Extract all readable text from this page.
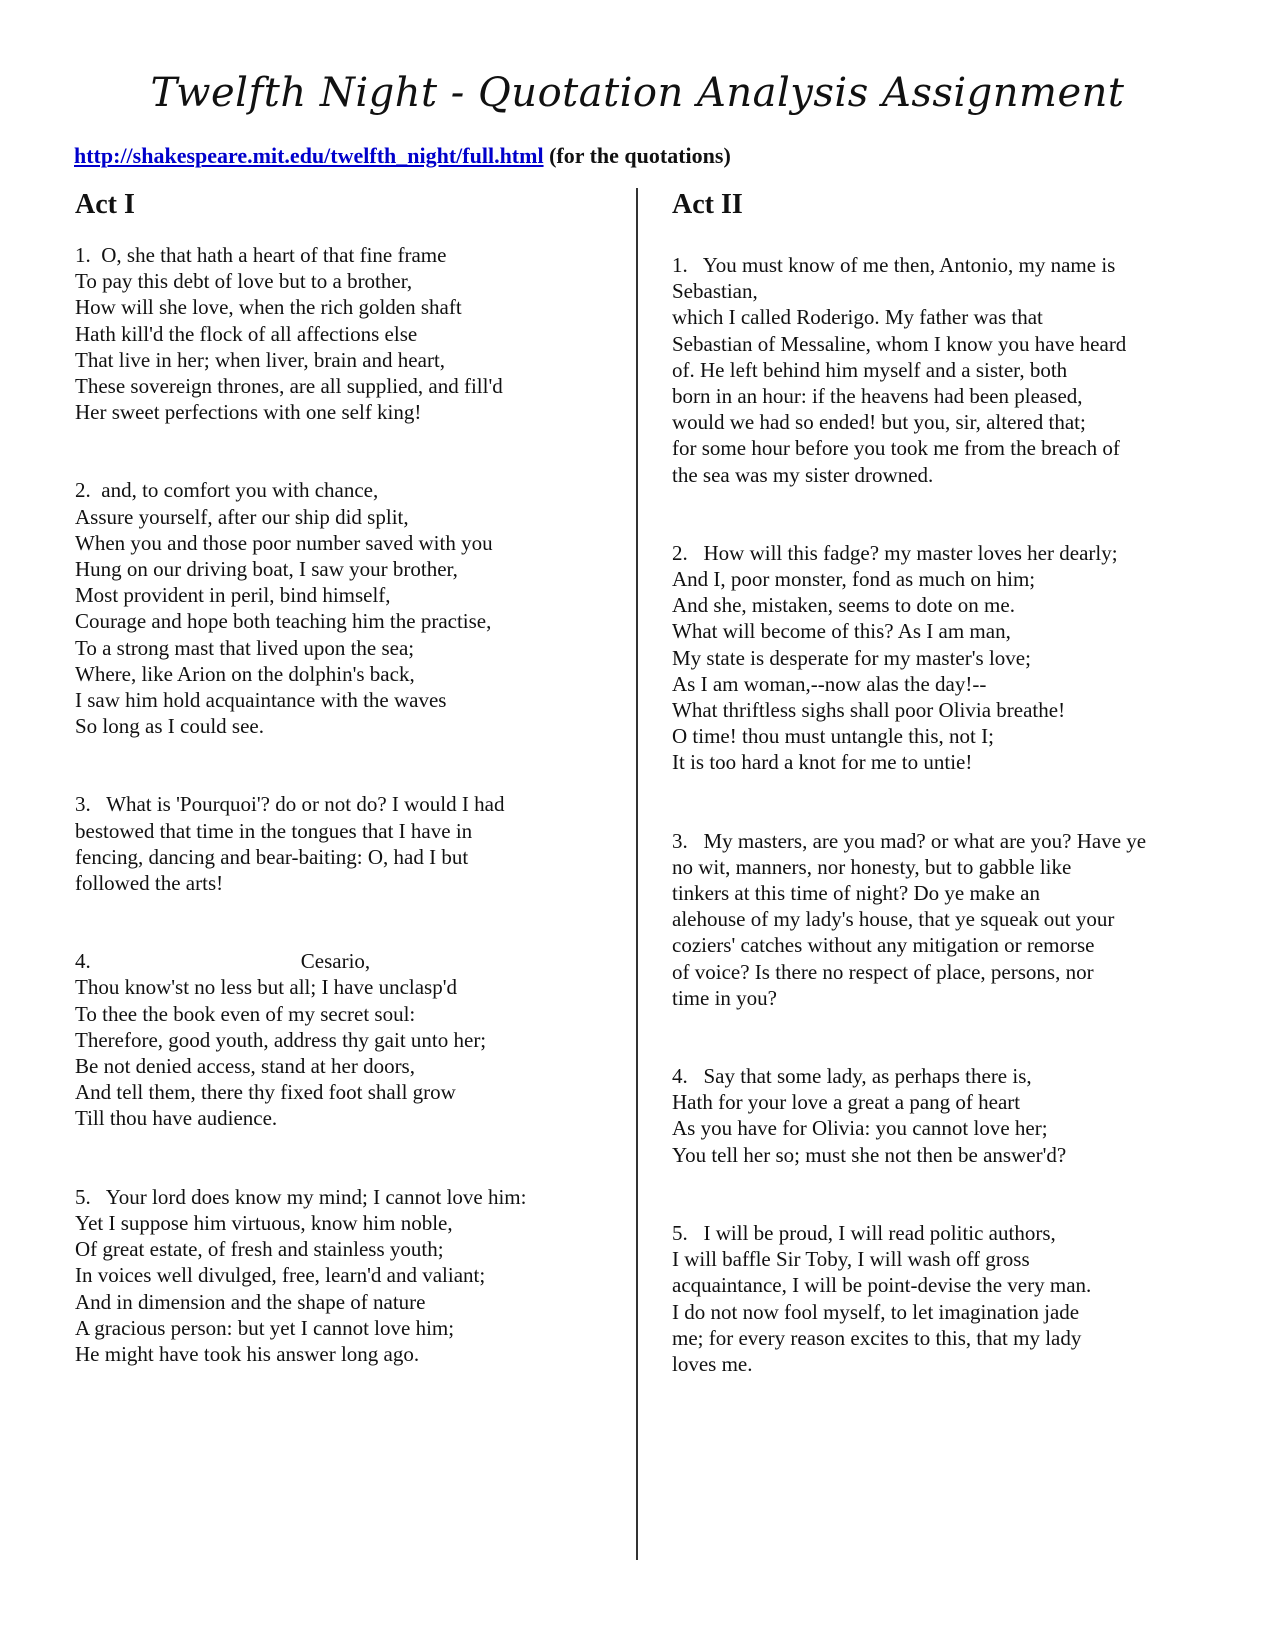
Twelfth Night - Quotation Analysis Assignment
http://shakespeare.mit.edu/twelfth_night/full.html (for the quotations)
Act I

1.  O, she that hath a heart of that fine frame
To pay this debt of love but to a brother,
How will she love, when the rich golden shaft
Hath kill'd the flock of all affections else
That live in her; when liver, brain and heart,
These sovereign thrones, are all supplied, and fill'd
Her sweet perfections with one self king!

2.  and, to comfort you with chance,
Assure yourself, after our ship did split,
When you and those poor number saved with you
Hung on our driving boat, I saw your brother,
Most provident in peril, bind himself,
Courage and hope both teaching him the practise,
To a strong mast that lived upon the sea;
Where, like Arion on the dolphin's back,
I saw him hold acquaintance with the waves
So long as I could see.

3.   What is 'Pourquoi'? do or not do? I would I had
bestowed that time in the tongues that I have in
fencing, dancing and bear-baiting: O, had I but
followed the arts!

4.                                        Cesario,
Thou know'st no less but all; I have unclasp'd
To thee the book even of my secret soul:
Therefore, good youth, address thy gait unto her;
Be not denied access, stand at her doors,
And tell them, there thy fixed foot shall grow
Till thou have audience.

5.   Your lord does know my mind; I cannot love him:
Yet I suppose him virtuous, know him noble,
Of great estate, of fresh and stainless youth;
In voices well divulged, free, learn'd and valiant;
And in dimension and the shape of nature
A gracious person: but yet I cannot love him;
He might have took his answer long ago.

Act II

1.   You must know of me then, Antonio, my name is
Sebastian,
which I called Roderigo. My father was that
Sebastian of Messaline, whom I know you have heard
of. He left behind him myself and a sister, both
born in an hour: if the heavens had been pleased,
would we had so ended! but you, sir, altered that;
for some hour before you took me from the breach of
the sea was my sister drowned.

2.   How will this fadge? my master loves her dearly;
And I, poor monster, fond as much on him;
And she, mistaken, seems to dote on me.
What will become of this? As I am man,
My state is desperate for my master's love;
As I am woman,--now alas the day!--
What thriftless sighs shall poor Olivia breathe!
O time! thou must untangle this, not I;
It is too hard a knot for me to untie!

3.   My masters, are you mad? or what are you? Have ye
no wit, manners, nor honesty, but to gabble like
tinkers at this time of night? Do ye make an
alehouse of my lady's house, that ye squeak out your
coziers' catches without any mitigation or remorse
of voice? Is there no respect of place, persons, nor
time in you?

4.   Say that some lady, as perhaps there is,
Hath for your love a great a pang of heart
As you have for Olivia: you cannot love her;
You tell her so; must she not then be answer'd?

5.   I will be proud, I will read politic authors,
I will baffle Sir Toby, I will wash off gross
acquaintance, I will be point-devise the very man.
I do not now fool myself, to let imagination jade
me; for every reason excites to this, that my lady
loves me.
